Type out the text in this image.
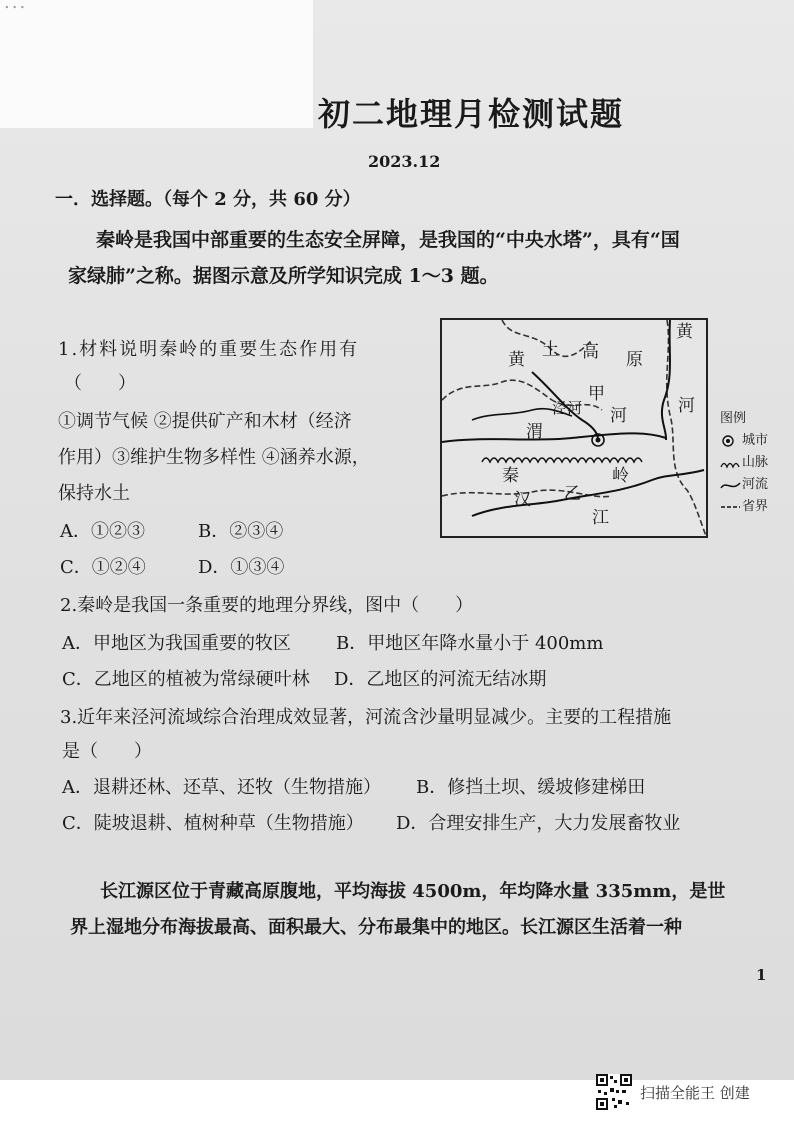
...
初二地理月检测试题
2023.12
一．选择题。（每个 2 分，共 60 分）
秦岭是我国中部重要的生态安全屏障，是我国的“中央水塔”，具有“国
家绿肺”之称。据图示意及所学知识完成 1～3 题。
1.材料说明秦岭的重要生态作用有
（　　）
①调节气候 ②提供矿产和木材（经济
作用）③维护生物多样性 ④涵养水源，
保持水土
A．①②③	B．②③④
C．①②④	D．①③④
黄 土 高 原
黄
河
甲
泾河 河
渭
秦	岭
汉 乙
江
图例
城市
山脉
河流
省界
2.秦岭是我国一条重要的地理分界线，图中（　　）
A．甲地区为我国重要的牧区	B．甲地区年降水量小于 400mm
C．乙地区的植被为常绿硬叶林 D．乙地区的河流无结冰期
3.近年来泾河流域综合治理成效显著，河流含沙量明显减少。主要的工程措施
是（　　）
A．退耕还林、还草、还牧（生物措施） B．修挡土坝、缓坡修建梯田
C．陡坡退耕、植树种草（生物措施） D．合理安排生产，大力发展畜牧业
长江源区位于青藏高原腹地，平均海拔 4500m，年均降水量 335mm，是世
界上湿地分布海拔最高、面积最大、分布最集中的地区。长江源区生活着一种
1
扫描全能王 创建
